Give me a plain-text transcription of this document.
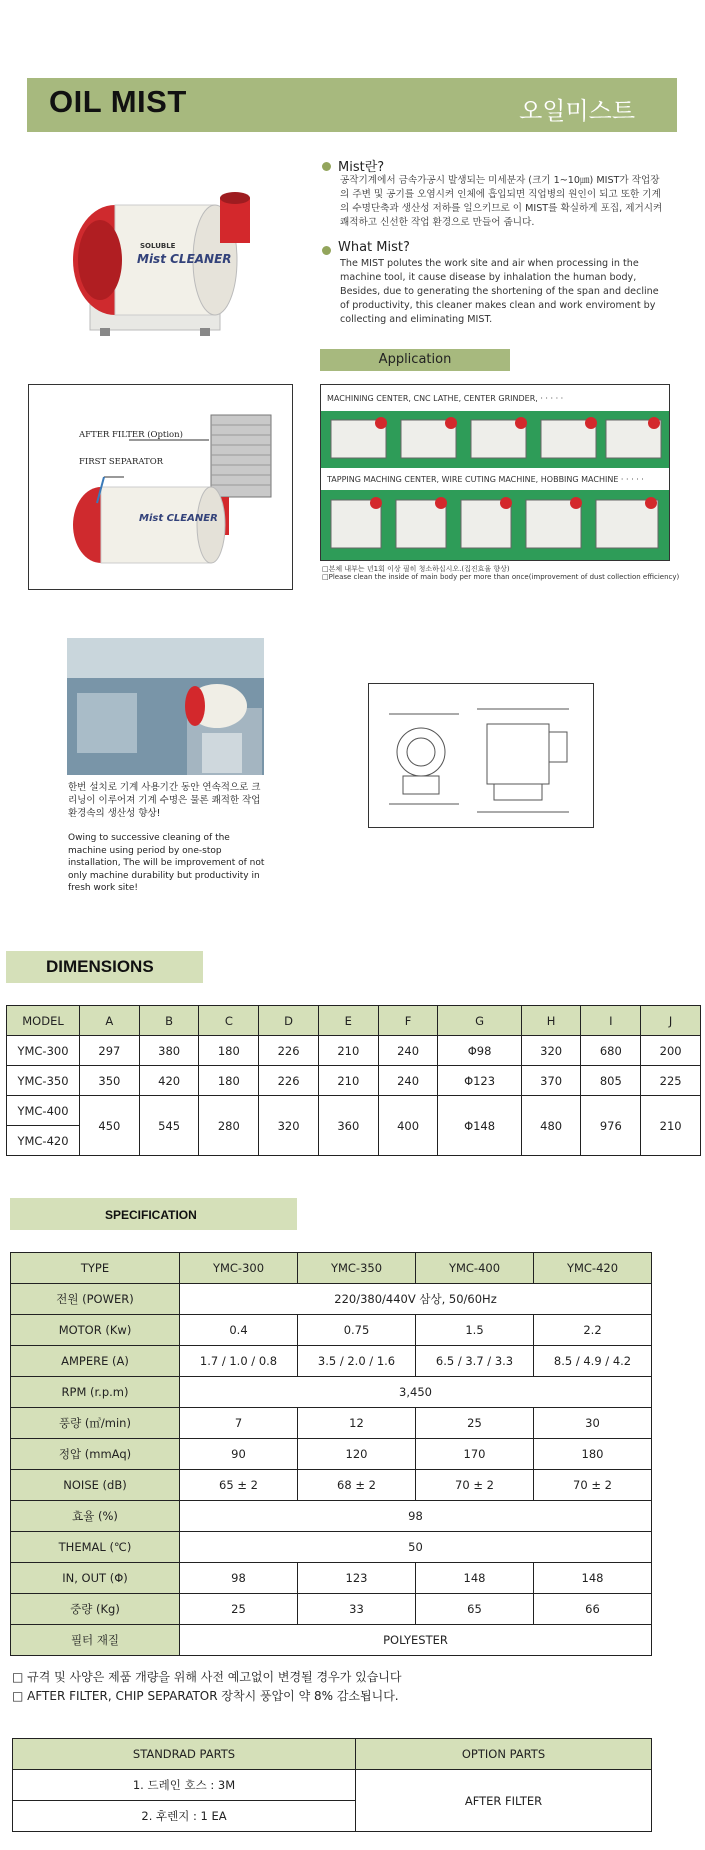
OIL MIST	오일미스트
SOLUBLE
Mist CLEANER
Mist란?
공작기계에서 금속가공시 발생되는 미세분자 (크기 1~10㎛) MIST가 작업장의 주변 및 공기를 오염시켜 인체에 흡입되면 직업병의 원인이 되고 또한 기계의 수명단축과 생산성 저하를 일으키므로 이 MIST를 확실하게 포집, 제거시켜 쾌적하고 신선한 작업 환경으로 만들어 줍니다.
What Mist?
The MIST polutes the work site and air when processing in the machine tool, it cause disease by inhalation the human body, Besides, due to generating the shortening of the span and decline of productivity, this cleaner makes clean and work enviroment by collecting and eliminating MIST.
Application
AFTER FILTER (Option)
FIRST SEPARATOR
Mist CLEANER
MACHINING CENTER, CNC LATHE, CENTER GRINDER, · · · · ·
TAPPING MACHING CENTER, WIRE CUTING MACHINE, HOBBING MACHINE · · · · ·
□본체 내부는 년1회 이상 필히 청소하십시오.(집진효율 향상)
□Please clean the inside of main body per more than once(improvement of dust collection efficiency)
한번 설치로 기계 사용기간 동안 연속적으로 크리닝이 이루어져 기계 수명은 물론 쾌적한 작업 환경속의 생산성 향상!
Owing to successive cleaning of the machine using period by one-stop installation, The will be improvement of not only machine durability but productivity in fresh work site!
DIMENSIONS
MODEL	A	B	C	D	E	F	G	H	I	J
YMC-300	297	380	180	226	210	240	Φ98	320	680	200
YMC-350	350	420	180	226	210	240	Φ123	370	805	225
YMC-400	450	545	280	320	360	400	Φ148	480	976	210
YMC-420										
SPECIFICATION
TYPE	YMC-300	YMC-350	YMC-400	YMC-420
전원 (POWER)	220/380/440V 삼상, 50/60Hz			
MOTOR (Kw)	0.4	0.75	1.5	2.2
AMPERE (A)	1.7 / 1.0 / 0.8	3.5 / 2.0 / 1.6	6.5 / 3.7 / 3.3	8.5 / 4.9 / 4.2
RPM (r.p.m)	3,450			
풍량 (㎥/min)	7	12	25	30
정압 (mmAq)	90	120	170	180
NOISE (dB)	65 ± 2	68 ± 2	70 ± 2	70 ± 2
효율 (%)	98			
THEMAL (℃)	50			
IN, OUT (Φ)	98	123	148	148
중량 (Kg)	25	33	65	66
필터 재질	POLYESTER			
□ 규격 및 사양은 제품 개량을 위해 사전 예고없이 변경될 경우가 있습니다
□ AFTER FILTER, CHIP SEPARATOR 장착시 풍압이 약 8% 감소됩니다.
STANDRAD PARTS	OPTION PARTS
1. 드레인 호스 : 3M	AFTER FILTER
2. 후렌지 : 1 EA	
